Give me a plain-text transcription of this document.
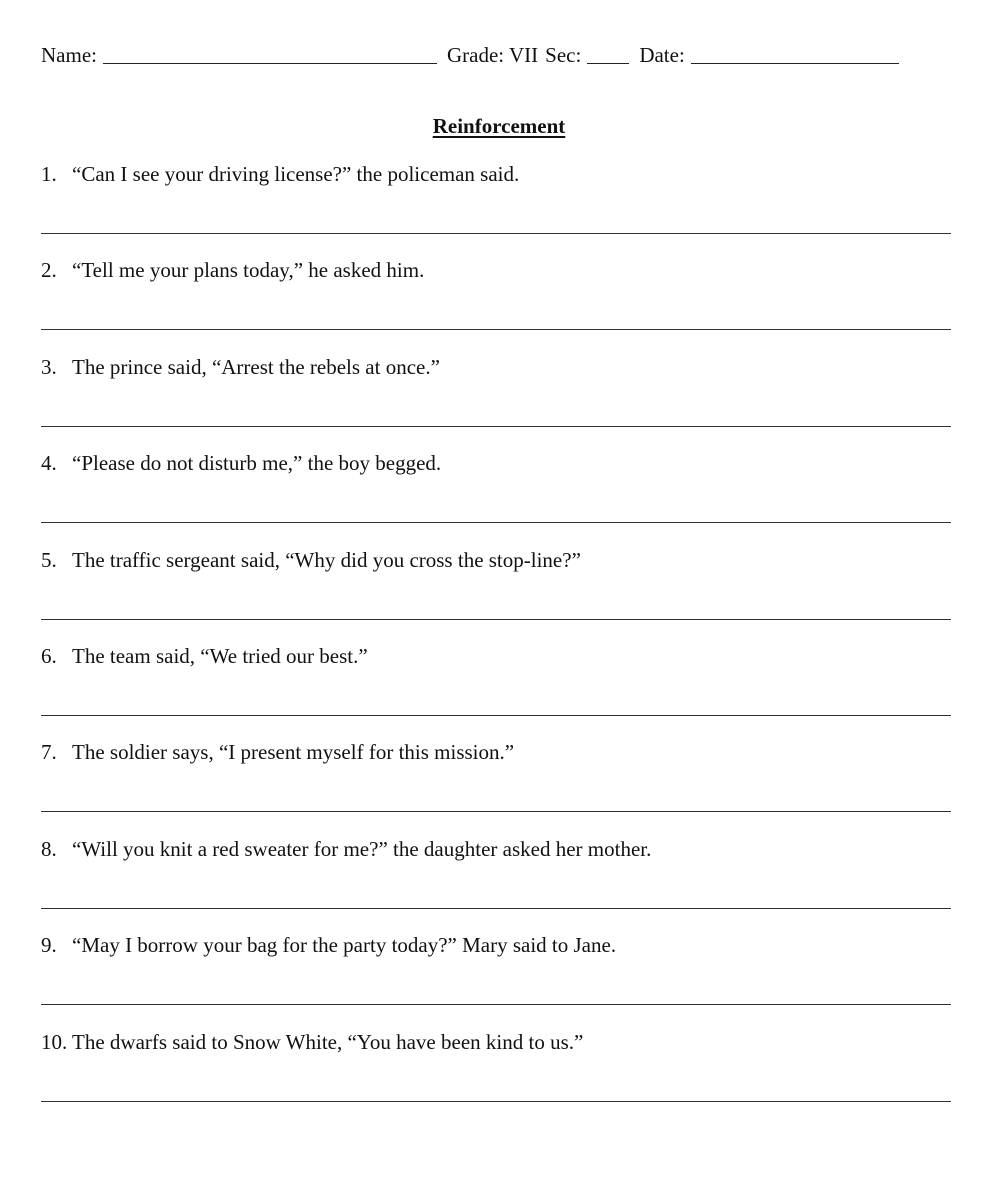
Name:	Grade: VII Sec:	Date:
Reinforcement
1. “Can I see your driving license?” the policeman said.
2. “Tell me your plans today,” he asked him.
3. The prince said, “Arrest the rebels at once.”
4. “Please do not disturb me,” the boy begged.
5. The traffic sergeant said, “Why did you cross the stop-line?”
6. The team said, “We tried our best.”
7. The soldier says, “I present myself for this mission.”
8. “Will you knit a red sweater for me?” the daughter asked her mother.
9. “May I borrow your bag for the party today?” Mary said to Jane.
10. The dwarfs said to Snow White, “You have been kind to us.”
